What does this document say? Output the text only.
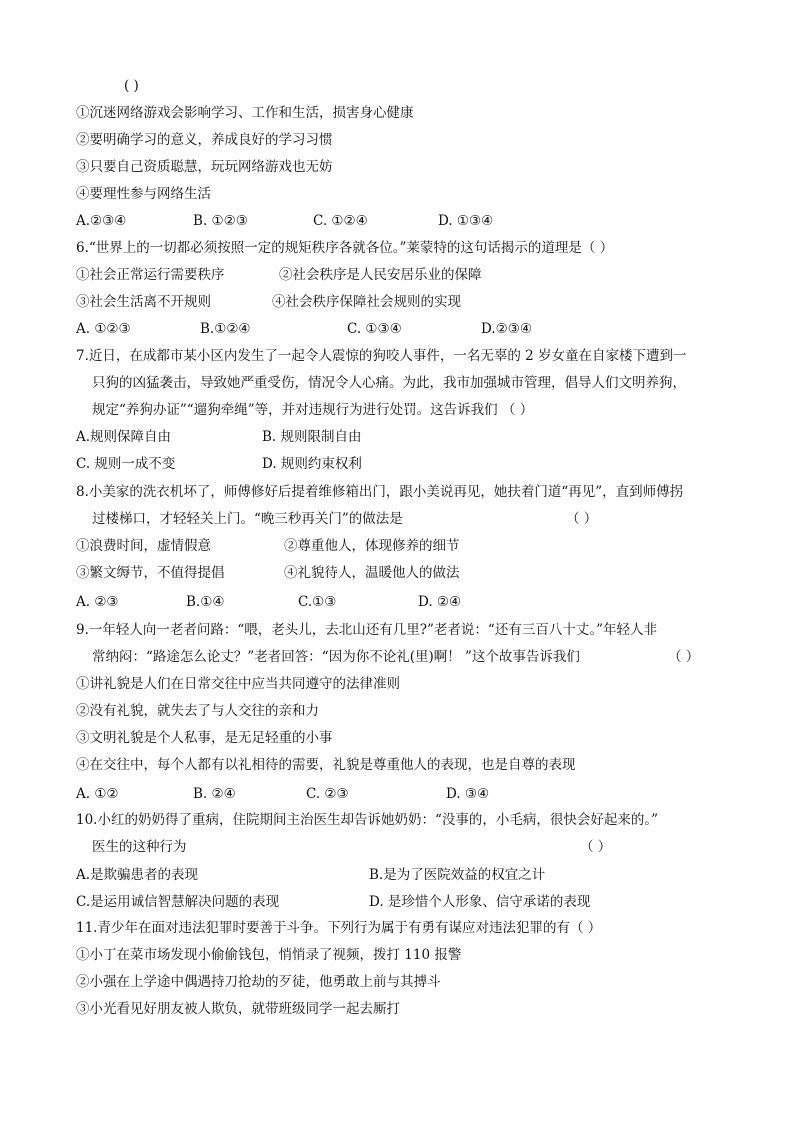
( )
①沉迷网络游戏会影响学习、工作和生活，损害身心健康
②要明确学习的意义，养成良好的学习习惯
③只要自己资质聪慧，玩玩网络游戏也无妨
④要理性参与网络生活
A.②③④	B. ①②③	C. ①②④	D. ①③④
6.“世界上的一切都必须按照一定的规矩秩序各就各位。”莱蒙特的这句话揭示的道理是（ ）
①社会正常运行需要秩序	②社会秩序是人民安居乐业的保障
③社会生活离不开规则	④社会秩序保障社会规则的实现
A. ①②③	B.①②④	C. ①③④	D.②③④
7.近日，在成都市某小区内发生了一起令人震惊的狗咬人事件，一名无辜的 2 岁女童在自家楼下遭到一
只狗的凶猛袭击，导致她严重受伤，情况令人心痛。为此，我市加强城市管理，倡导人们文明养狗，
规定“养狗办证”“遛狗牵绳”等，并对违规行为进行处罚。这告诉我们 （ ）
A.规则保障自由	B. 规则限制自由
C. 规则一成不变	D. 规则约束权利
8.小美家的洗衣机坏了，师傅修好后提着维修箱出门，跟小美说再见，她扶着门道“再见”，直到师傅拐
过楼梯口，才轻轻关上门。“晚三秒再关门”的做法是	（ ）
①浪费时间，虚情假意	②尊重他人，体现修养的细节
③繁文缛节，不值得提倡	④礼貌待人，温暖他人的做法
A. ②③	B.①④	C.①③	D. ②④
9.一年轻人向一老者问路：“喂，老头儿，去北山还有几里?”老者说：“还有三百八十丈。”年轻人非
常纳闷：“路途怎么论丈？”老者回答：“因为你不论礼(里)啊！ ”这个故事告诉我们	（ ）
①讲礼貌是人们在日常交往中应当共同遵守的法律准则
②没有礼貌，就失去了与人交往的亲和力
③文明礼貌是个人私事，是无足轻重的小事
④在交往中，每个人都有以礼相待的需要，礼貌是尊重他人的表现，也是自尊的表现
A. ①②	B. ②④	C. ②③	D. ③④
10.小红的奶奶得了重病，住院期间主治医生却告诉她奶奶：“没事的，小毛病，很快会好起来的。”
医生的这种行为	（ ）
A.是欺骗患者的表现	B.是为了医院效益的权宜之计
C.是运用诚信智慧解决问题的表现	D. 是珍惜个人形象、信守承诺的表现
11.青少年在面对违法犯罪时要善于斗争。下列行为属于有勇有谋应对违法犯罪的有（ ）
①小丁在菜市场发现小偷偷钱包，悄悄录了视频，拨打 110 报警
②小强在上学途中偶遇持刀抢劫的歹徒，他勇敢上前与其搏斗
③小光看见好朋友被人欺负，就带班级同学一起去厮打
